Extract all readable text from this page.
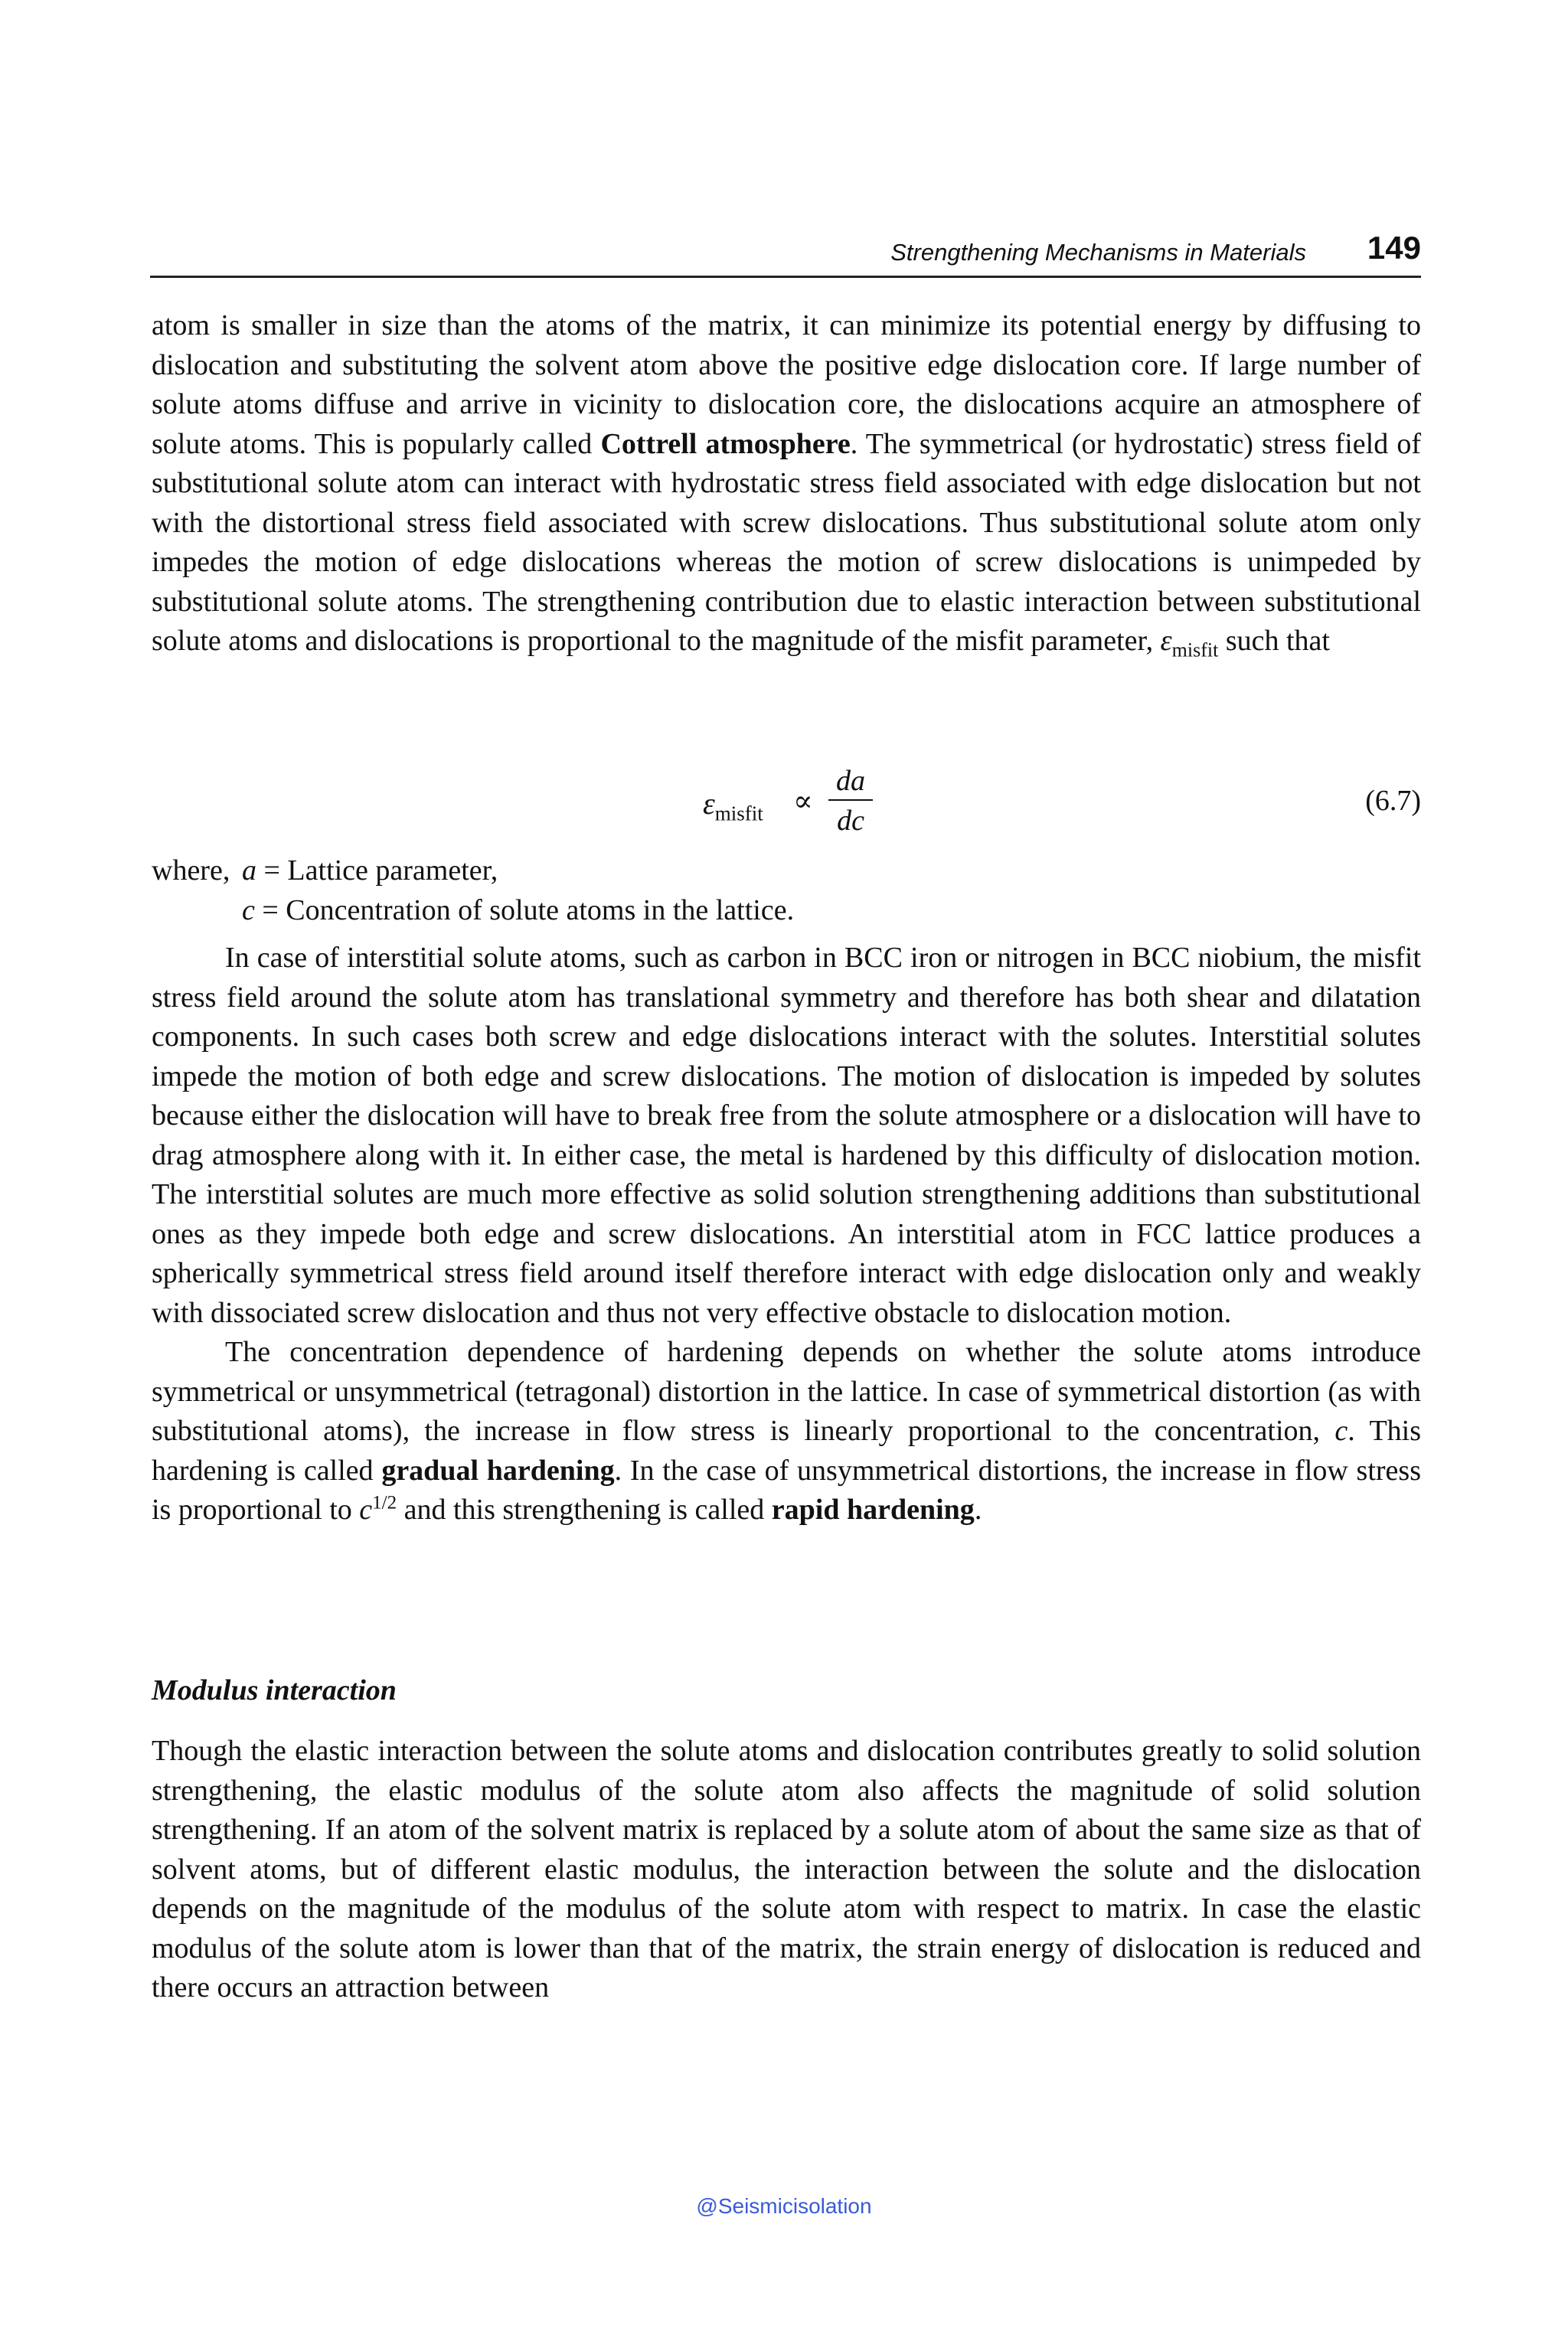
Strengthening Mechanisms in Materials 149

atom is smaller in size than the atoms of the matrix, it can minimize its potential energy by diffusing to dislocation and substituting the solvent atom above the positive edge dislocation core. If large number of solute atoms diffuse and arrive in vicinity to dislocation core, the dislocations acquire an atmosphere of solute atoms. This is popularly called Cottrell atmosphere. The symmetrical (or hydrostatic) stress field of substitutional solute atom can interact with hydrostatic stress field associated with edge dislocation but not with the distortional stress field associated with screw dislocations. Thus substitutional solute atom only impedes the motion of edge dislocations whereas the motion of screw dislocations is unimpeded by substitutional solute atoms. The strengthening contribution due to elastic interaction between substitutional solute atoms and dislocations is proportional to the magnitude of the misfit parameter, $\varepsilon_{misfit}$ such that

$\varepsilon_{misfit}$ ∝
da
dc
(6.7)
where, a = Lattice parameter,
c = Concentration of solute atoms in the lattice.

In case of interstitial solute atoms, such as carbon in BCC iron or nitrogen in BCC niobium, the misfit stress field around the solute atom has translational symmetry and therefore has both shear and dilatation components. In such cases both screw and edge dislocations interact with the solutes. Interstitial solutes impede the motion of both edge and screw dislocations. The motion of dislocation is impeded by solutes because either the dislocation will have to break free from the solute atmosphere or a dislocation will have to drag atmosphere along with it. In either case, the metal is hardened by this difficulty of dislocation motion. The interstitial solutes are much more effective as solid solution strengthening additions than substitutional ones as they impede both edge and screw dislocations. An interstitial atom in FCC lattice produces a spherically symmetrical stress field around itself therefore interact with edge dislocation only and weakly with dissociated screw dislocation and thus not very effective obstacle to dislocation motion.

The concentration dependence of hardening depends on whether the solute atoms introduce symmetrical or unsymmetrical (tetragonal) distortion in the lattice. In case of symmetrical distortion (as with substitutional atoms), the increase in flow stress is linearly proportional to the concentration, c. This hardening is called gradual hardening. In the case of unsymmetrical distortions, the increase in flow stress is proportional to $c^{1/2}$ and this strengthening is called rapid hardening.

Modulus interaction

Though the elastic interaction between the solute atoms and dislocation contributes greatly to solid solution strengthening, the elastic modulus of the solute atom also affects the magnitude of solid solution strengthening. If an atom of the solvent matrix is replaced by a solute atom of about the same size as that of solvent atoms, but of different elastic modulus, the interaction between the solute and the dislocation depends on the magnitude of the modulus of the solute atom with respect to matrix. In case the elastic modulus of the solute atom is lower than that of the matrix, the strain energy of dislocation is reduced and there occurs an attraction between

@Seismicisolation
